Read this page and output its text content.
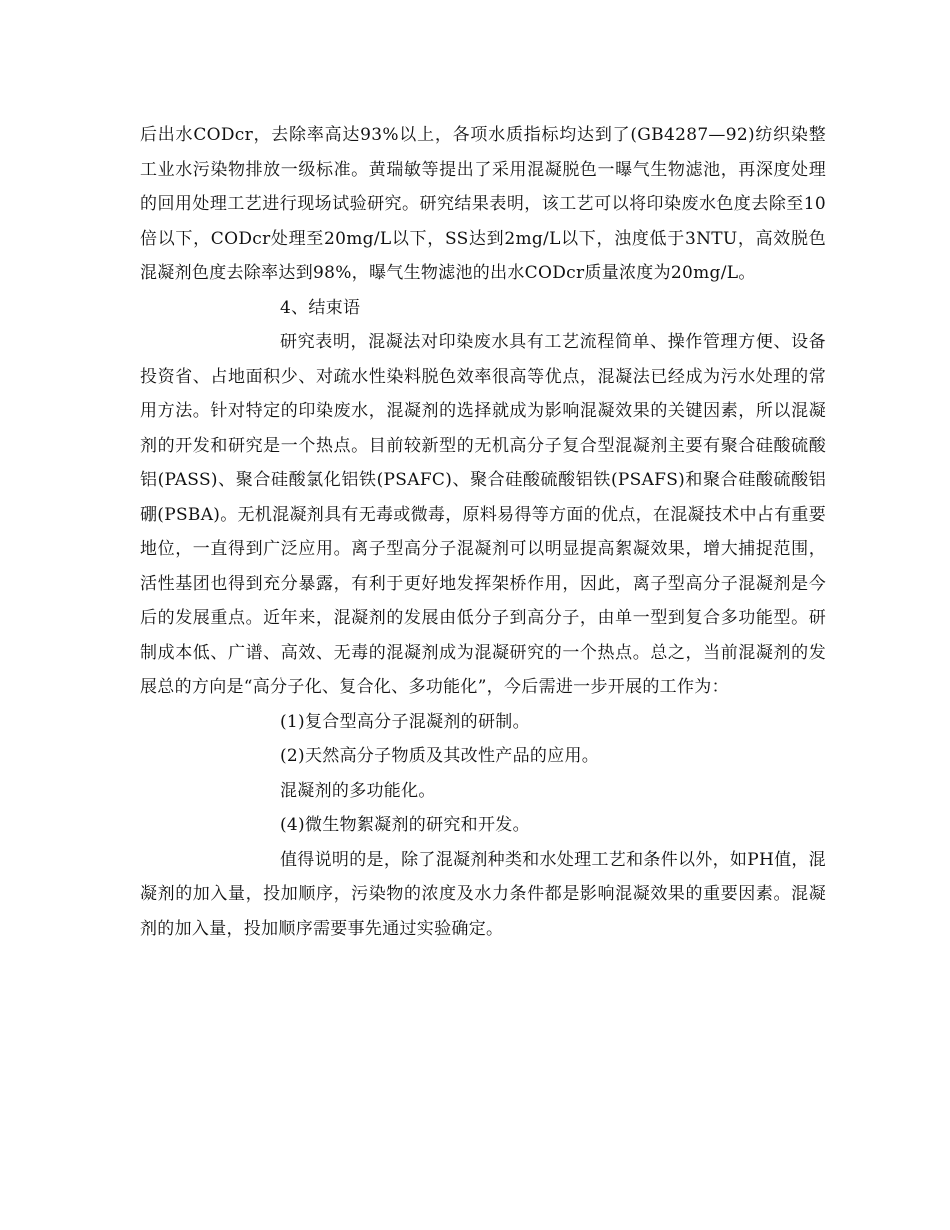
后出水CODcr，去除率高达93%以上，各项水质指标均达到了(GB4287—92)纺织染整工业水污染物排放一级标准。黄瑞敏等提出了采用混凝脱色一曝气生物滤池，再深度处理的回用处理工艺进行现场试验研究。研究结果表明，该工艺可以将印染废水色度去除至10倍以下，CODcr处理至20mg/L以下，SS达到2mg/L以下，浊度低于3NTU，高效脱色混凝剂色度去除率达到98%，曝气生物滤池的出水CODcr质量浓度为20mg/L。

4、结束语

研究表明，混凝法对印染废水具有工艺流程简单、操作管理方便、设备投资省、占地面积少、对疏水性染料脱色效率很高等优点，混凝法已经成为污水处理的常用方法。针对特定的印染废水，混凝剂的选择就成为影响混凝效果的关键因素，所以混凝剂的开发和研究是一个热点。目前较新型的无机高分子复合型混凝剂主要有聚合硅酸硫酸铝(PASS)、聚合硅酸氯化铝铁(PSAFC)、聚合硅酸硫酸铝铁(PSAFS)和聚合硅酸硫酸铝硼(PSBA)。无机混凝剂具有无毒或微毒，原料易得等方面的优点，在混凝技术中占有重要地位，一直得到广泛应用。离子型高分子混凝剂可以明显提高絮凝效果，增大捕捉范围，活性基团也得到充分暴露，有利于更好地发挥架桥作用，因此，离子型高分子混凝剂是今后的发展重点。近年来，混凝剂的发展由低分子到高分子，由单一型到复合多功能型。研制成本低、广谱、高效、无毒的混凝剂成为混凝研究的一个热点。总之，当前混凝剂的发展总的方向是“高分子化、复合化、多功能化”，今后需进一步开展的工作为：

(1)复合型高分子混凝剂的研制。

(2)天然高分子物质及其改性产品的应用。

混凝剂的多功能化。

(4)微生物絮凝剂的研究和开发。

值得说明的是，除了混凝剂种类和水处理工艺和条件以外，如PH值，混凝剂的加入量，投加顺序，污染物的浓度及水力条件都是影响混凝效果的重要因素。混凝剂的加入量，投加顺序需要事先通过实验确定。
